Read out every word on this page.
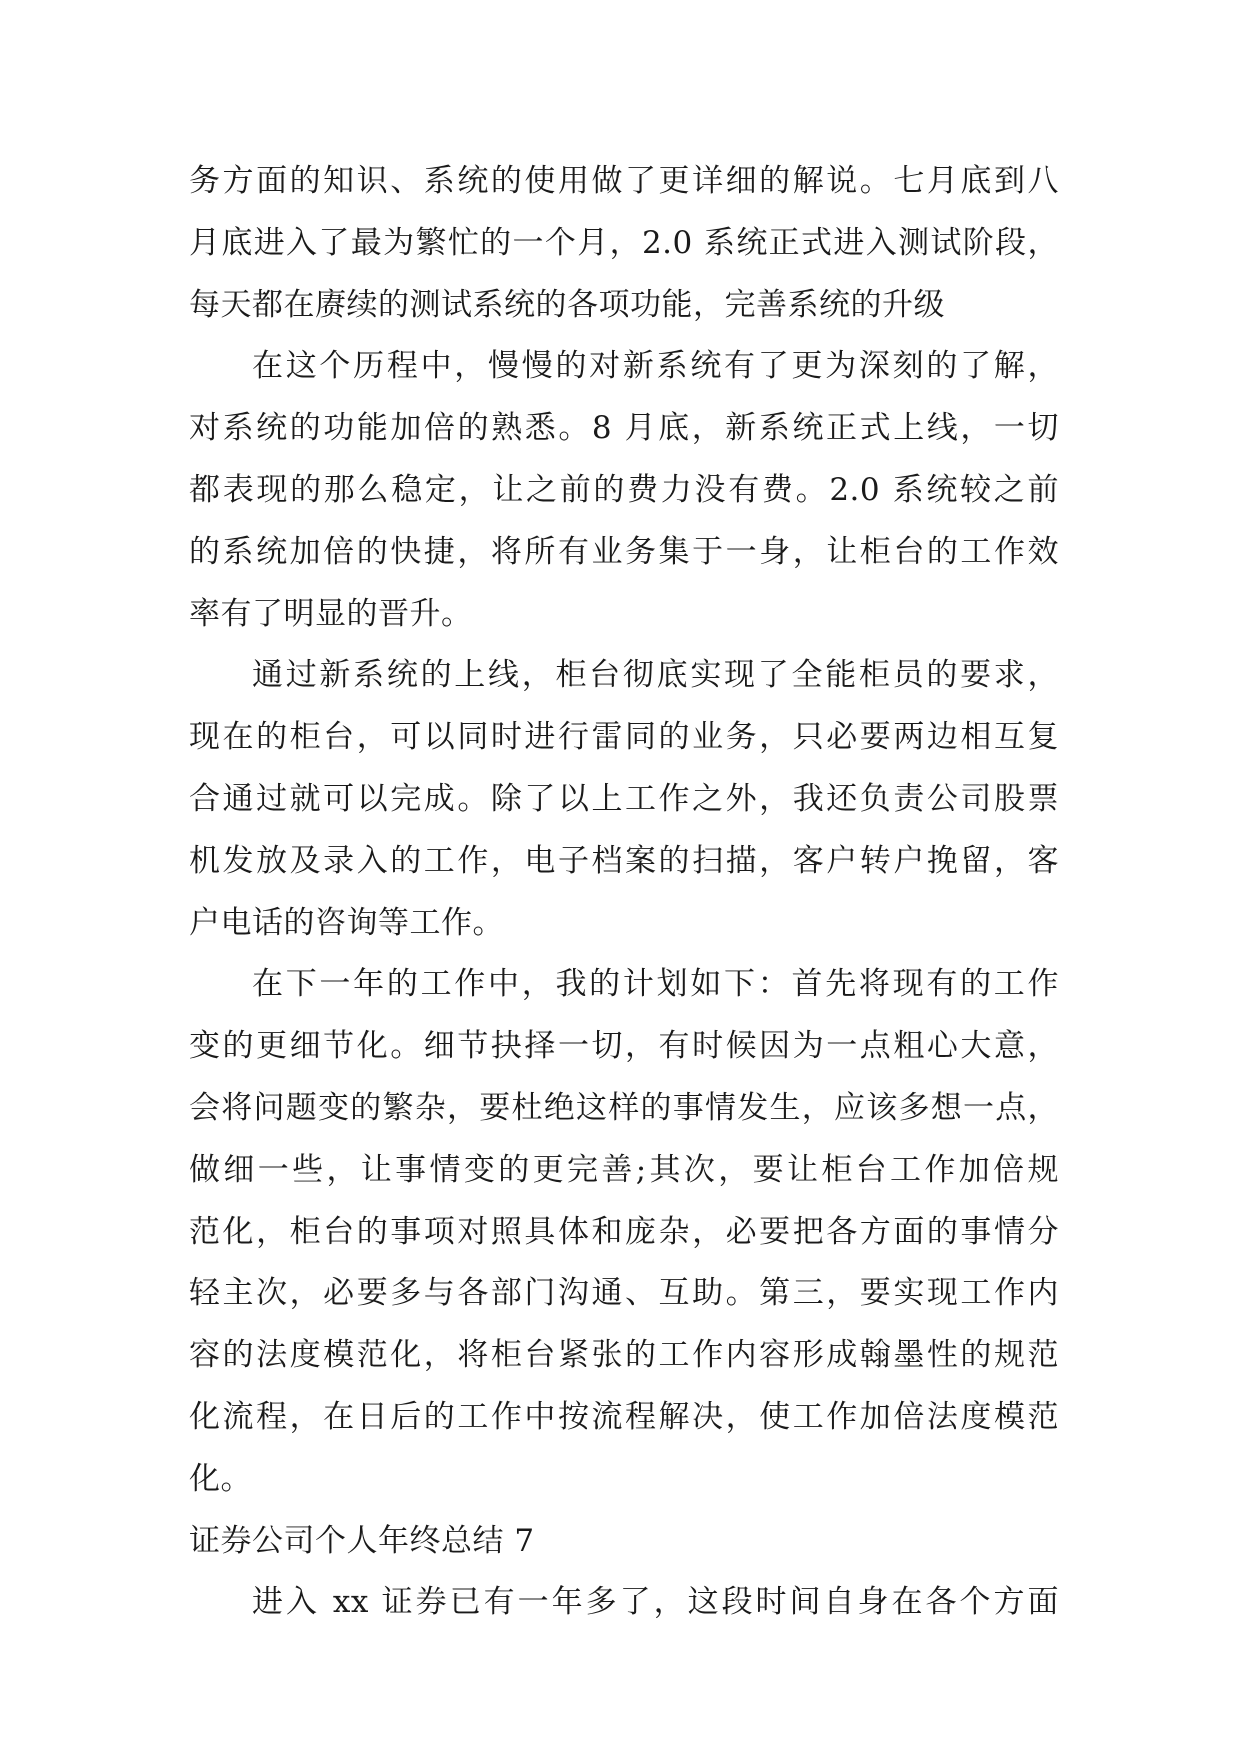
务方面的知识、系统的使用做了更详细的解说。七月底到八
月底进入了最为繁忙的一个月，2.0 系统正式进入测试阶段，
每天都在赓续的测试系统的各项功能，完善系统的升级
在这个历程中，慢慢的对新系统有了更为深刻的了解，
对系统的功能加倍的熟悉。8 月底，新系统正式上线，一切
都表现的那么稳定，让之前的费力没有费。2.0 系统较之前
的系统加倍的快捷，将所有业务集于一身，让柜台的工作效
率有了明显的晋升。
通过新系统的上线，柜台彻底实现了全能柜员的要求，
现在的柜台，可以同时进行雷同的业务，只必要两边相互复
合通过就可以完成。除了以上工作之外，我还负责公司股票
机发放及录入的工作，电子档案的扫描，客户转户挽留，客
户电话的咨询等工作。
在下一年的工作中，我的计划如下：首先将现有的工作
变的更细节化。细节抉择一切，有时候因为一点粗心大意，
会将问题变的繁杂，要杜绝这样的事情发生，应该多想一点，
做细一些，让事情变的更完善;其次，要让柜台工作加倍规
范化，柜台的事项对照具体和庞杂，必要把各方面的事情分
轻主次，必要多与各部门沟通、互助。第三，要实现工作内
容的法度模范化，将柜台紧张的工作内容形成翰墨性的规范
化流程，在日后的工作中按流程解决，使工作加倍法度模范
化。
证券公司个人年终总结 7
进入 xx 证券已有一年多了，这段时间自身在各个方面
